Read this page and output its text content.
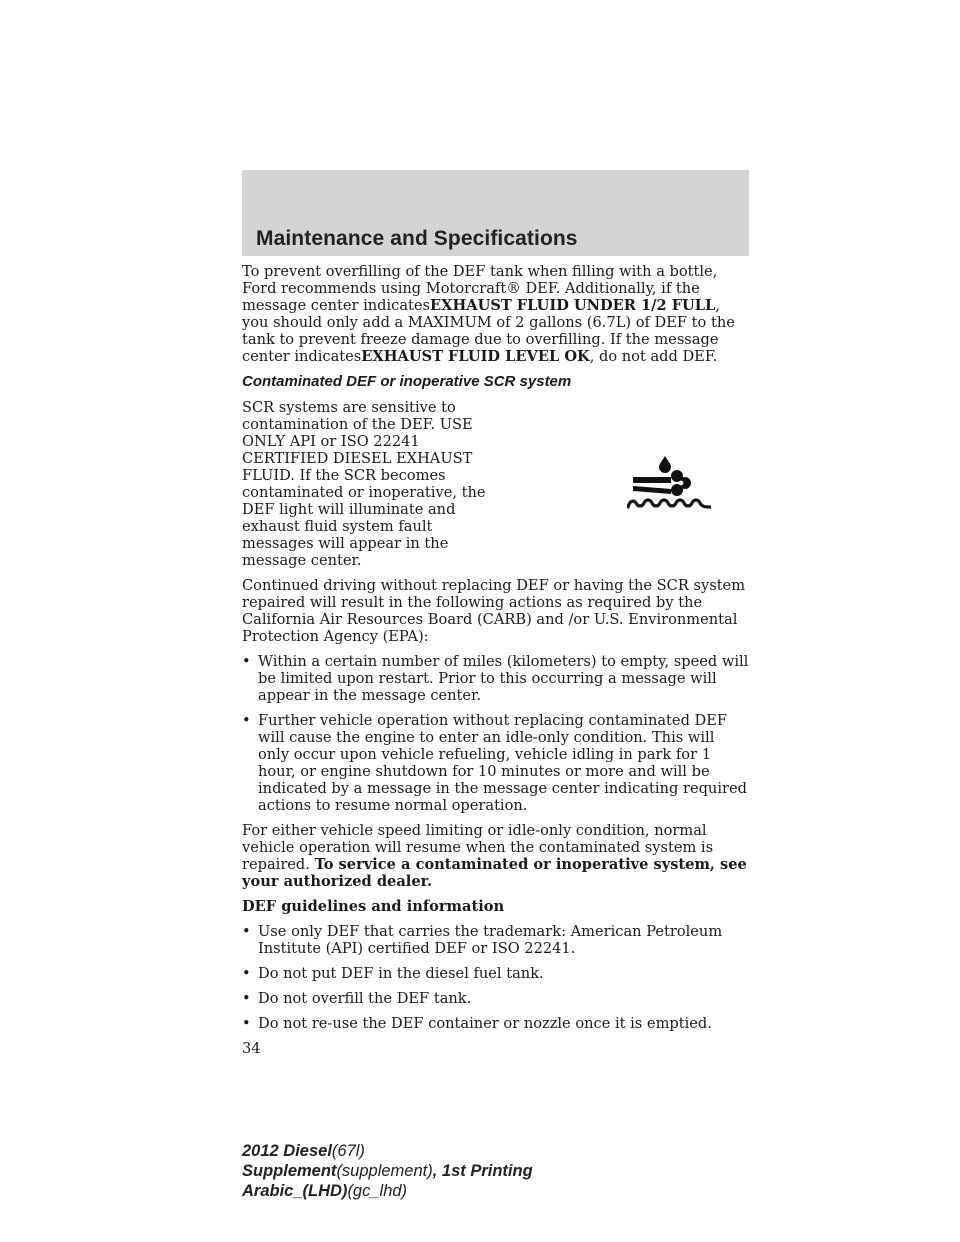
Maintenance and Specifications

To prevent overfilling of the DEF tank when filling with a bottle, Ford recommends using Motorcraft® DEF. Additionally, if the message center indicatesEXHAUST FLUID UNDER 1/2 FULL, you should only add a MAXIMUM of 2 gallons (6.7L) of DEF to the tank to prevent freeze damage due to overfilling. If the message center indicatesEXHAUST FLUID LEVEL OK, do not add DEF.

Contaminated DEF or inoperative SCR system
SCR systems are sensitive to contamination of the DEF. USE ONLY API or ISO 22241 CERTIFIED DIESEL EXHAUST FLUID. If the SCR becomes contaminated or inoperative, the DEF light will illuminate and exhaust fluid system fault messages will appear in the message center.

Continued driving without replacing DEF or having the SCR system repaired will result in the following actions as required by the California Air Resources Board (CARB) and /or U.S. Environmental Protection Agency (EPA):

• Within a certain number of miles (kilometers) to empty, speed will be limited upon restart. Prior to this occurring a message will appear in the message center.
• Further vehicle operation without replacing contaminated DEF will cause the engine to enter an idle-only condition. This will only occur upon vehicle refueling, vehicle idling in park for 1 hour, or engine shutdown for 10 minutes or more and will be indicated by a message in the message center indicating required actions to resume normal operation.

For either vehicle speed limiting or idle-only condition, normal vehicle operation will resume when the contaminated system is repaired. To service a contaminated or inoperative system, see your authorized dealer.

DEF guidelines and information
• Use only DEF that carries the trademark: American Petroleum Institute (API) certified DEF or ISO 22241.
• Do not put DEF in the diesel fuel tank.
• Do not overfill the DEF tank.
• Do not re-use the DEF container or nozzle once it is emptied.
34
2012 Diesel(67l)
Supplement(supplement), 1st Printing
Arabic_(LHD)(gc_lhd)
